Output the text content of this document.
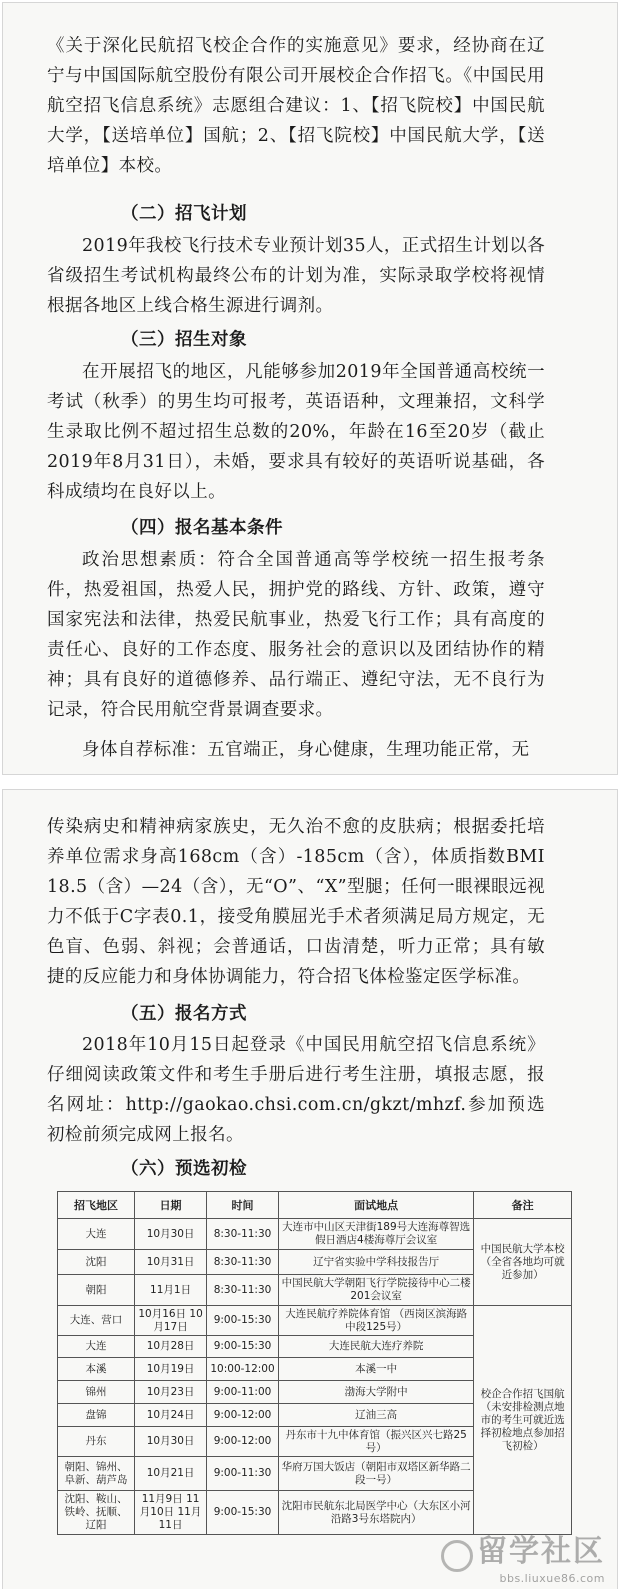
《关于深化民航招飞校企合作的实施意见》要求，经协商在辽宁与中国国际航空股份有限公司开展校企合作招飞。《中国民用航空招飞信息系统》志愿组合建议：1、【招飞院校】中国民航大学，【送培单位】国航；2、【招飞院校】中国民航大学，【送培单位】本校。
（二）招飞计划
2019年我校飞行技术专业预计划35人，正式招生计划以各省级招生考试机构最终公布的计划为准，实际录取学校将视情根据各地区上线合格生源进行调剂。
（三）招生对象
在开展招飞的地区，凡能够参加2019年全国普通高校统一考试（秋季）的男生均可报考，英语语种，文理兼招，文科学生录取比例不超过招生总数的20%，年龄在16至20岁（截止2019年8月31日），未婚，要求具有较好的英语听说基础，各科成绩均在良好以上。
（四）报名基本条件
政治思想素质：符合全国普通高等学校统一招生报考条件，热爱祖国，热爱人民，拥护党的路线、方针、政策，遵守国家宪法和法律，热爱民航事业，热爱飞行工作；具有高度的责任心、良好的工作态度、服务社会的意识以及团结协作的精神；具有良好的道德修养、品行端正、遵纪守法，无不良行为记录，符合民用航空背景调查要求。
身体自荐标准：五官端正，身心健康，生理功能正常，无
传染病史和精神病家族史，无久治不愈的皮肤病；根据委托培养单位需求身高168cm（含）-185cm（含），体质指数BMI 18.5（含）—24（含），无“O”、“X”型腿；任何一眼裸眼远视力不低于C字表0.1，接受角膜屈光手术者须满足局方规定，无色盲、色弱、斜视；会普通话，口齿清楚，听力正常；具有敏捷的反应能力和身体协调能力，符合招飞体检鉴定医学标准。
（五）报名方式
2018年10月15日起登录《中国民用航空招飞信息系统》仔细阅读政策文件和考生手册后进行考生注册，填报志愿，报名网址：http://gaokao.chsi.com.cn/gkzt/mhzf.参加预选初检前须完成网上报名。
（六）预选初检
招飞地区	日期	时间	面试地点	备注
大连	10月30日	8:30-11:30	大连市中山区天津街189号大连海尊智选假日酒店4楼海尊厅会议室	中国民航大学本校（全省各地均可就近参加）
沈阳	10月31日	8:30-11:30	辽宁省实验中学科技报告厅	
朝阳	11月1日	8:30-11:30	中国民航大学朝阳飞行学院接待中心二楼201会议室	
大连、营口	10月16日 10月17日	9:00-15:30	大连民航疗养院体育馆 （西岗区滨海路中段125号）	校企合作招飞国航（未安排检测点地市的考生可就近选择初检地点参加招飞初检）
大连	10月28日	9:00-15:30	大连民航大连疗养院	
本溪	10月19日	10:00-12:00	本溪一中	
锦州	10月23日	9:00-11:00	渤海大学附中	
盘锦	10月24日	9:00-12:00	辽油三高	
丹东	10月30日	9:00-12:00	丹东市十九中体育馆（振兴区兴七路25号）	
朝阳、锦州、阜新、葫芦岛	10月21日	9:00-11:30	华府万国大饭店（朝阳市双塔区新华路二段一号）	
沈阳、鞍山、铁岭、抚顺、辽阳	11月9日 11月10日 11月11日	9:00-15:30	沈阳市民航东北局医学中心（大东区小河沿路3号东塔院内）	
留学社区
bbs.liuxue86.com
